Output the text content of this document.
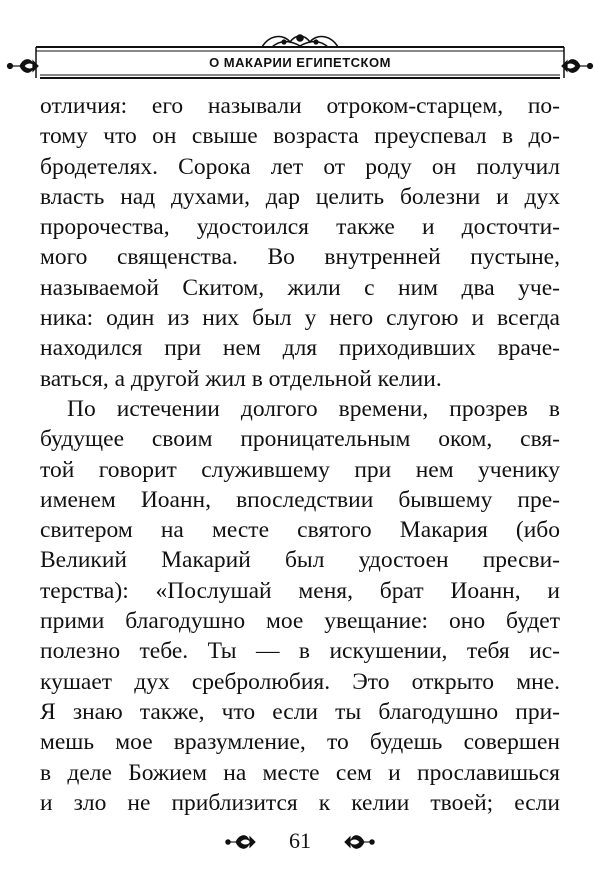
О МАКАРИИ ЕГИПЕТСКОМ
отличия: его называли отроком-старцем, по-
тому что он свыше возраста преуспевал в до-
бродетелях. Сорока лет от роду он получил
власть над духами, дар целить болезни и дух
пророчества, удостоился также и досточти-
мого священства. Во внутренней пустыне,
называемой Скитом, жили с ним два уче-
ника: один из них был у него слугою и всегда
находился при нем для приходивших враче-
ваться, а другой жил в отдельной келии.
По истечении долгого времени, прозрев в
будущее своим проницательным оком, свя-
той говорит служившему при нем ученику
именем Иоанн, впоследствии бывшему пре-
свитером на месте святого Макария (ибо
Великий Макарий был удостоен пресви-
терства): «Послушай меня, брат Иоанн, и
прими благодушно мое увещание: оно будет
полезно тебе. Ты — в искушении, тебя ис-
кушает дух сребролюбия. Это открыто мне.
Я знаю также, что если ты благодушно при-
мешь мое вразумление, то будешь совершен
в деле Божием на месте сем и прославишься
и зло не приблизится к келии твоей; если
61
